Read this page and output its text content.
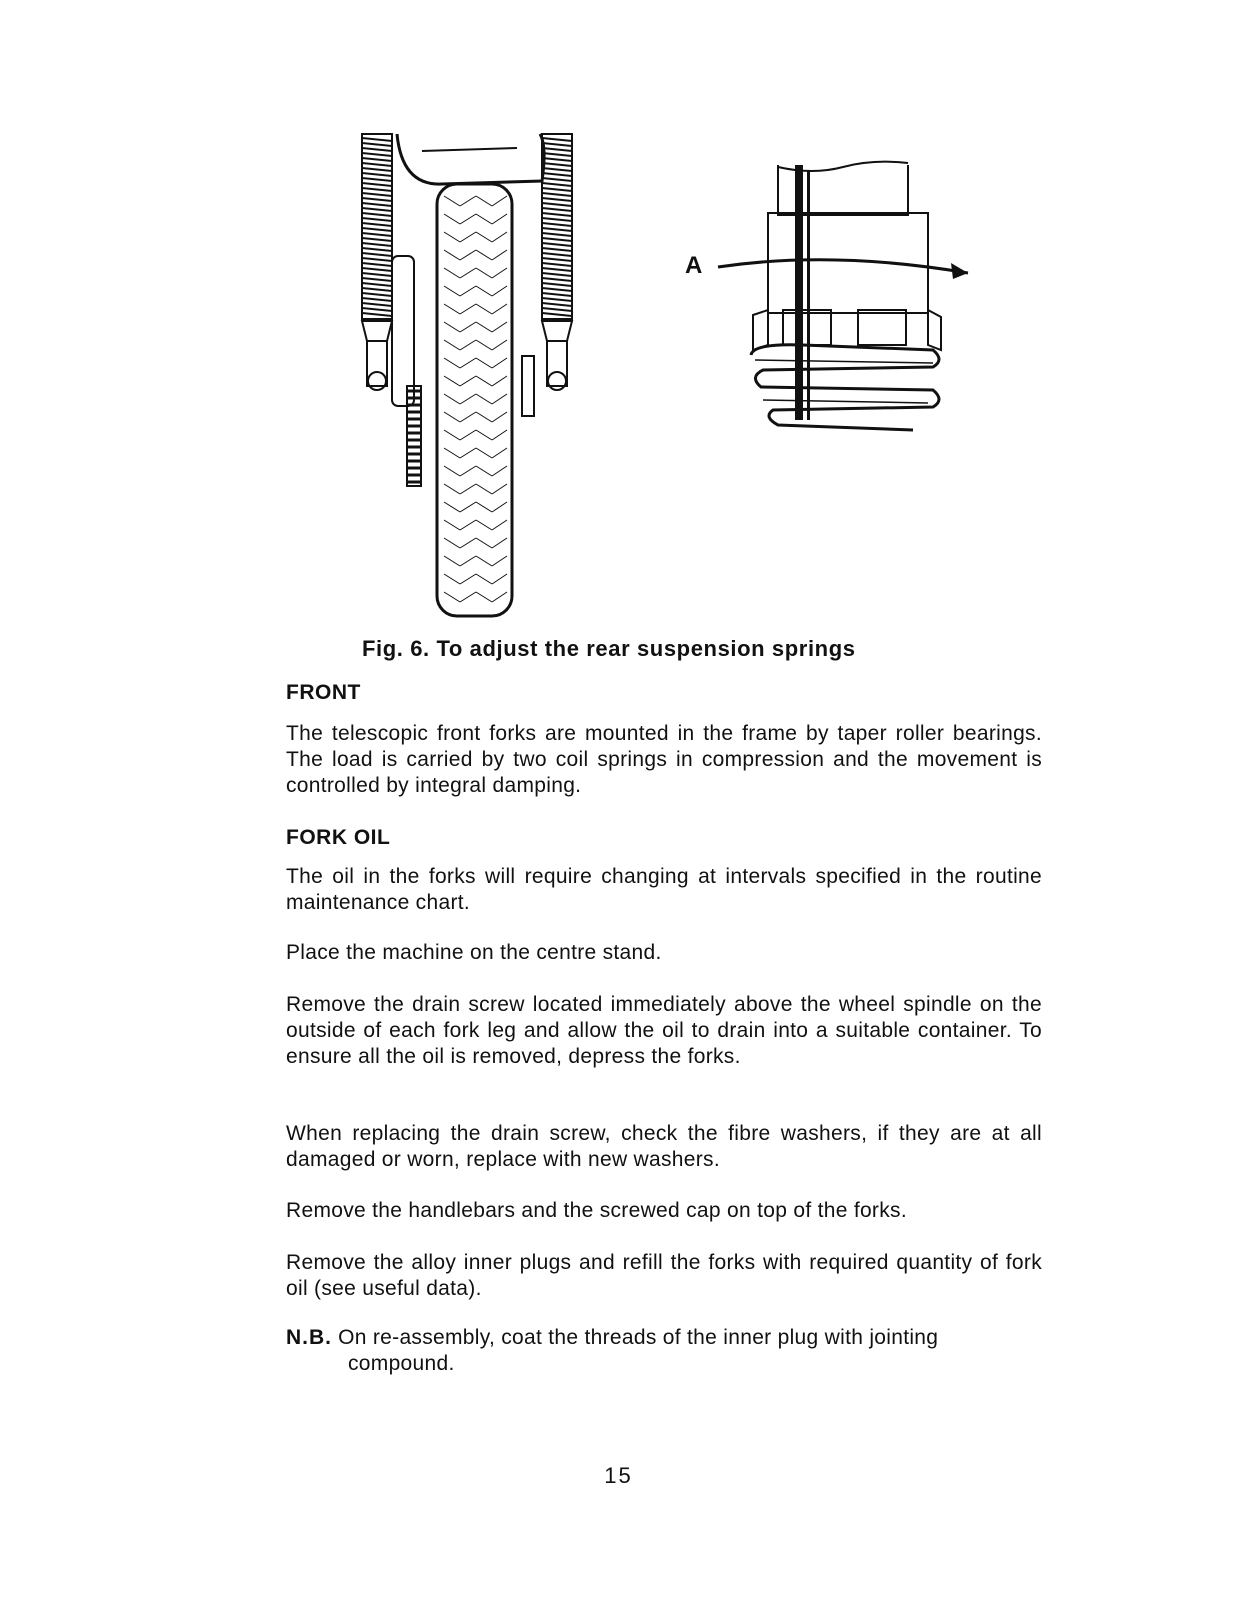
A
Fig. 6. To adjust the rear suspension springs
FRONT
The telescopic front forks are mounted in the frame by taper roller bearings. The load is carried by two coil springs in compression and the movement is controlled by integral damping.
FORK OIL
The oil in the forks will require changing at intervals specified in the routine maintenance chart.
Place the machine on the centre stand.
Remove the drain screw located immediately above the wheel spindle on the outside of each fork leg and allow the oil to drain into a suitable container. To ensure all the oil is removed, depress the forks.
When replacing the drain screw, check the fibre washers, if they are at all damaged or worn, replace with new washers.
Remove the handlebars and the screwed cap on top of the forks.
Remove the alloy inner plugs and refill the forks with required quantity of fork oil (see useful data).
N.B. On re-assembly, coat the threads of the inner plug with jointing
compound.
15
